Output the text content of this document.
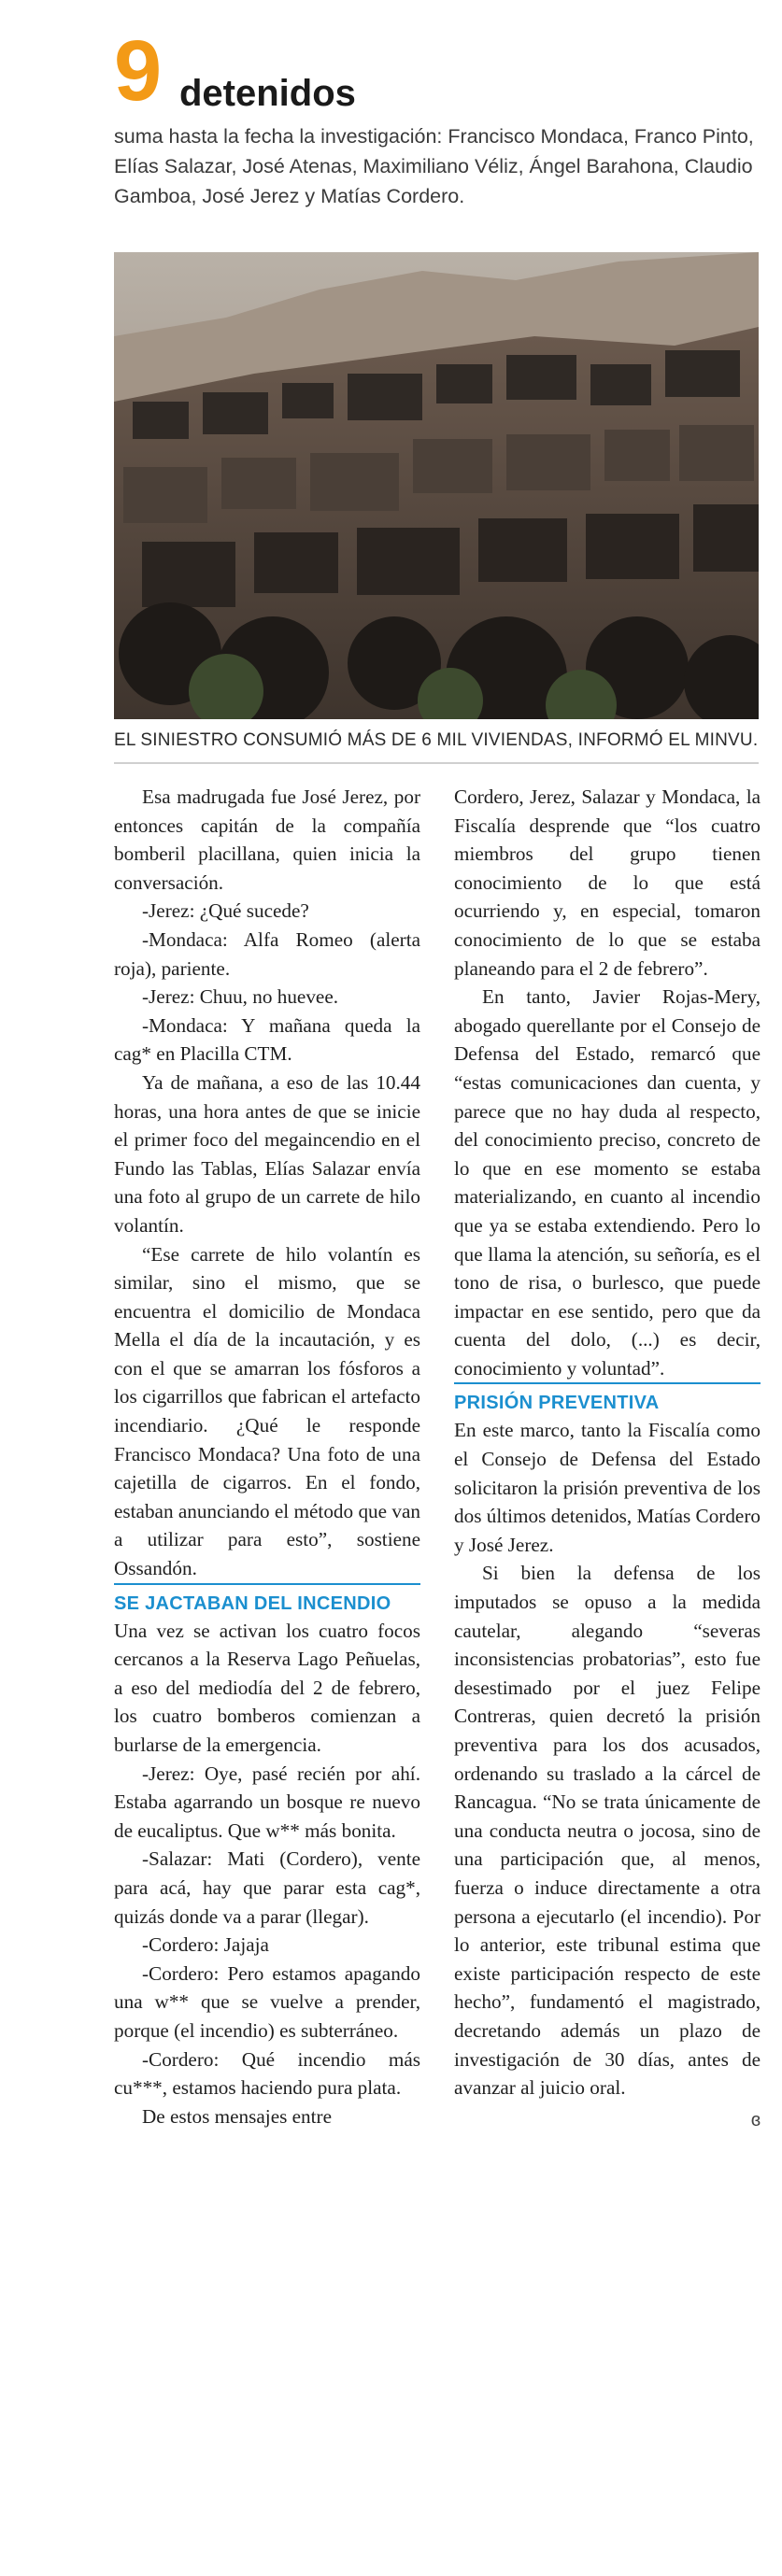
9 detenidos
suma hasta la fecha la investigación: Francisco Mondaca, Franco Pinto, Elías Salazar, José Atenas, Maximiliano Véliz, Ángel Barahona, Claudio Gamboa, José Jerez y Matías Cordero.
EL SINIESTRO CONSUMIÓ MÁS DE 6 MIL VIVIENDAS, INFORMÓ EL MINVU.

Esa madrugada fue José Jerez, por entonces capitán de la compañía bomberil placillana, quien inicia la conversación.

-Jerez: ¿Qué sucede?

-Mondaca: Alfa Romeo (alerta roja), pariente.

-Jerez: Chuu, no huevee.

-Mondaca: Y mañana queda la cag* en Placilla CTM.

Ya de mañana, a eso de las 10.44 horas, una hora antes de que se inicie el primer foco del megaincendio en el Fundo las Tablas, Elías Salazar envía una foto al grupo de un carrete de hilo volantín.

“Ese carrete de hilo volantín es similar, sino el mismo, que se encuentra el domicilio de Mondaca Mella el día de la incautación, y es con el que se amarran los fósforos a los cigarrillos que fabrican el artefacto incendiario. ¿Qué le responde Francisco Mondaca? Una foto de una cajetilla de cigarros. En el fondo, estaban anunciando el método que van a utilizar para esto”, sostiene Ossandón.

SE JACTABAN DEL INCENDIO

Una vez se activan los cuatro focos cercanos a la Reserva Lago Peñuelas, a eso del mediodía del 2 de febrero, los cuatro bomberos comienzan a burlarse de la emergencia.

-Jerez: Oye, pasé recién por ahí. Estaba agarrando un bosque re nuevo de eucaliptus. Que w** más bonita.

-Salazar: Mati (Cordero), vente para acá, hay que parar esta cag*, quizás donde va a parar (llegar).

-Cordero: Jajaja

-Cordero: Pero estamos apagando una w** que se vuelve a prender, porque (el incendio) es subterráneo.

-Cordero: Qué incendio más cu***, estamos haciendo pura plata.

De estos mensajes entre

Cordero, Jerez, Salazar y Mondaca, la Fiscalía desprende que “los cuatro miembros del grupo tienen conocimiento de lo que está ocurriendo y, en especial, tomaron conocimiento de lo que se estaba planeando para el 2 de febrero”.

En tanto, Javier Rojas-Mery, abogado querellante por el Consejo de Defensa del Estado, remarcó que “estas comunicaciones dan cuenta, y parece que no hay duda al respecto, del conocimiento preciso, concreto de lo que en ese momento se estaba materializando, en cuanto al incendio que ya se estaba extendiendo. Pero lo que llama la atención, su señoría, es el tono de risa, o burlesco, que puede impactar en ese sentido, pero que da cuenta del dolo, (...) es decir, conocimiento y voluntad”.

PRISIÓN PREVENTIVA

En este marco, tanto la Fiscalía como el Consejo de Defensa del Estado solicitaron la prisión preventiva de los dos últimos detenidos, Matías Cordero y José Jerez.

Si bien la defensa de los imputados se opuso a la medida cautelar, alegando “severas inconsistencias probatorias”, esto fue desestimado por el juez Felipe Contreras, quien decretó la prisión preventiva para los dos acusados, ordenando su traslado a la cárcel de Rancagua. “No se trata únicamente de una conducta neutra o jocosa, sino de una participación que, al menos, fuerza o induce directamente a otra persona a ejecutarlo (el incendio). Por lo anterior, este tribunal estima que existe participación respecto de este hecho”, fundamentó el magistrado, decretando además un plazo de investigación de 30 días, antes de avanzar al juicio oral.

ɞ
